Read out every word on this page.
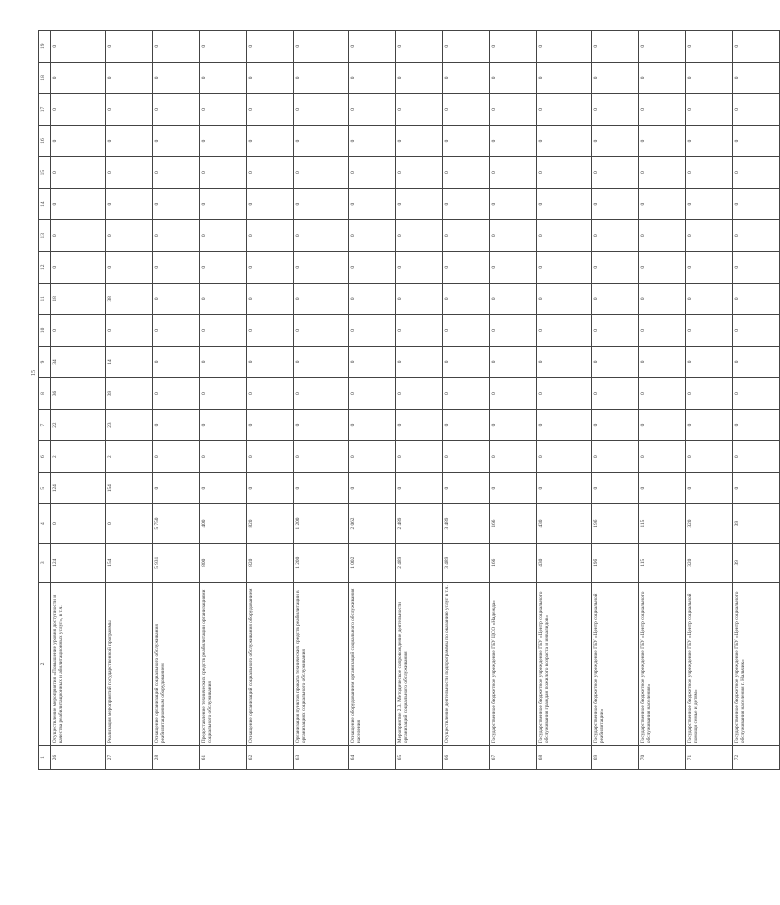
15
1	2	3	4	5	6	7	8	9	10	11	12	13	14	15	16	17	18	19
26	Осуществление мероприятия «Повышение уровня доступности и качества реабилитационных и абилитационных услуг», в т.ч.	124	0	124	2	22	36	34	0	18	0	0	0	0	0	0	0	0
27	Реализация мероприятий государственной программы	154	0	154	2	23	39	14	0	38	0	0	0	0	0	0	0	0
28	Оснащение организаций социального обслуживания реабилитационным оборудованием	5 931	5 750	0	0	0	0	0	0	0	0	0	0	0	0	0	0	0
61	Предоставление технических средств реабилитации организациями социального обслуживания	800	400	0	0	0	0	0	0	0	0	0	0	0	0	0	0	0
62	Оснащение организаций социального обслуживания оборудованием	820	820	0	0	0	0	0	0	0	0	0	0	0	0	0	0	0
63	Организация пунктов проката технических средств реабилитации в организациях социального обслуживания	1 200	1 200	0	0	0	0	0	0	0	0	0	0	0	0	0	0	0
64	Оснащение оборудованием организаций социального обслуживания населения	1 002	2 062	0	0	0	0	0	0	0	0	0	0	0	0	0	0	0
65	Мероприятие 2.3. Методическое сопровождение деятельности организаций социального обслуживания	2 489	2 489	0	0	0	0	0	0	0	0	0	0	0	0	0	0	0
66	Осуществление деятельности подпрограммы по оказанию услуг в т.ч.	3 489	3 489	0	0	0	0	0	0	0	0	0	0	0	0	0	0	0
67	Государственное бюджетное учреждение ГБУ ЦСО «Надежда»	166	166	0	0	0	0	0	0	0	0	0	0	0	0	0	0	0
68	Государственное бюджетное учреждение ГБУ «Центр социального обслуживания граждан пожилого возраста и инвалидов»	430	430	0	0	0	0	0	0	0	0	0	0	0	0	0	0	0
69	Государственное бюджетное учреждение ГБУ «Центр социальной реабилитации»	19б	19б	0	0	0	0	0	0	0	0	0	0	0	0	0	0	0
70	Государственное бюджетное учреждение ГБУ «Центр социального обслуживания населения»	115	115	0	0	0	0	0	0	0	0	0	0	0	0	0	0	0
71	Государственное бюджетное учреждение ГБУ «Центр социальной помощи семье и детям»	320	320	0	0	0	0	0	0	0	0	0	0	0	0	0	0	0
72	Государственное бюджетное учреждение ГБУ «Центр социального обслуживания населения г. Нальчик»	39	39	0	0	0	0	0	0	0	0	0	0	0	0	0	0	0
